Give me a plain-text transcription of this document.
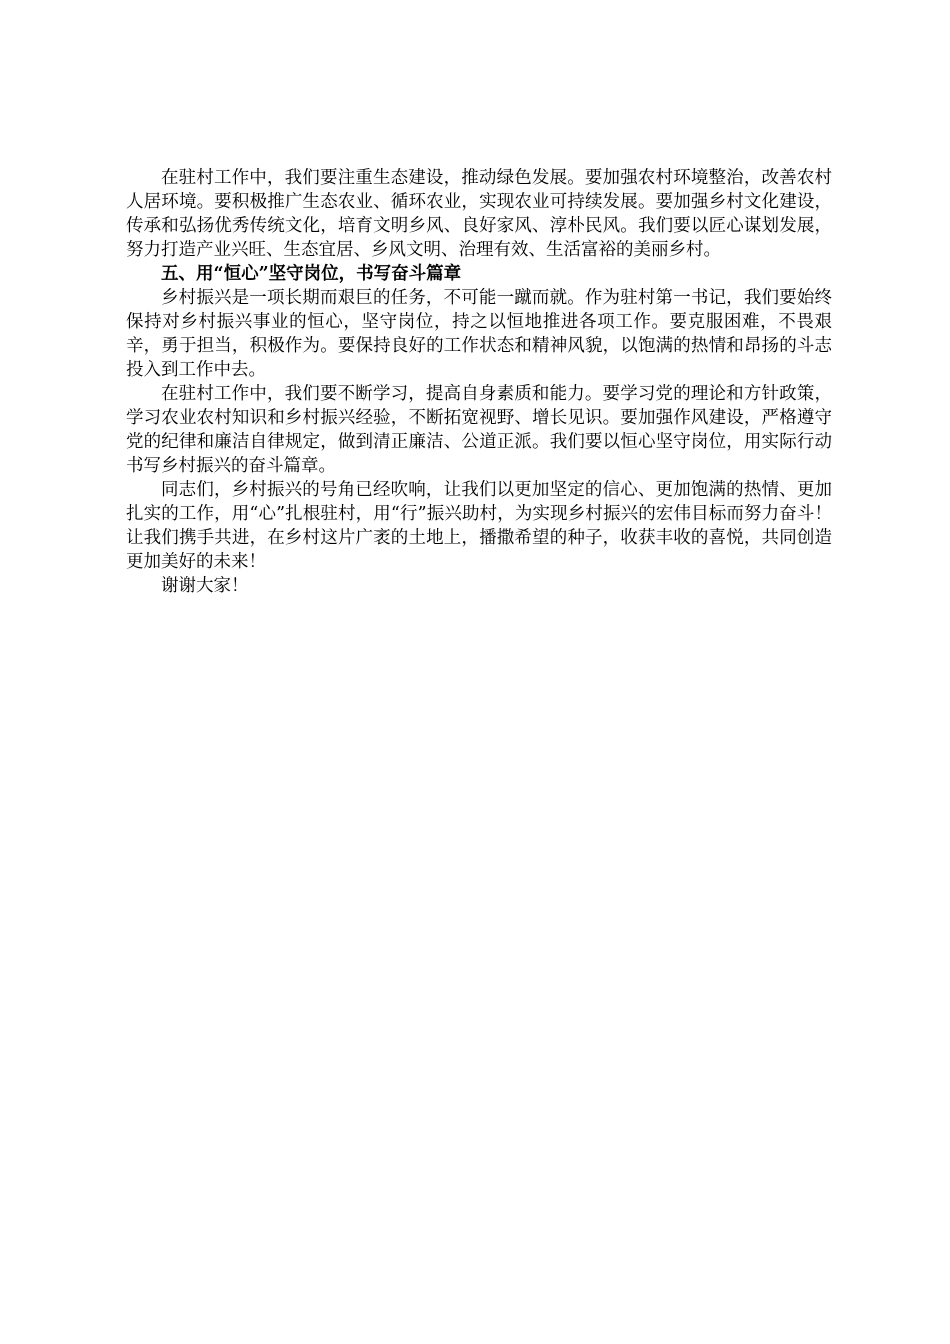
在驻村工作中，我们要注重生态建设，推动绿色发展。要加强农村环境整治，改善农村人居环境。要积极推广生态农业、循环农业，实现农业可持续发展。要加强乡村文化建设，传承和弘扬优秀传统文化，培育文明乡风、良好家风、淳朴民风。我们要以匠心谋划发展，努力打造产业兴旺、生态宜居、乡风文明、治理有效、生活富裕的美丽乡村。

五、用“恒心”坚守岗位，书写奋斗篇章

乡村振兴是一项长期而艰巨的任务，不可能一蹴而就。作为驻村第一书记，我们要始终保持对乡村振兴事业的恒心，坚守岗位，持之以恒地推进各项工作。要克服困难，不畏艰辛，勇于担当，积极作为。要保持良好的工作状态和精神风貌，以饱满的热情和昂扬的斗志投入到工作中去。

在驻村工作中，我们要不断学习，提高自身素质和能力。要学习党的理论和方针政策，学习农业农村知识和乡村振兴经验，不断拓宽视野、增长见识。要加强作风建设，严格遵守党的纪律和廉洁自律规定，做到清正廉洁、公道正派。我们要以恒心坚守岗位，用实际行动书写乡村振兴的奋斗篇章。

同志们，乡村振兴的号角已经吹响，让我们以更加坚定的信心、更加饱满的热情、更加扎实的工作，用“心”扎根驻村，用“行”振兴助村，为实现乡村振兴的宏伟目标而努力奋斗！让我们携手共进，在乡村这片广袤的土地上，播撒希望的种子，收获丰收的喜悦，共同创造更加美好的未来！

谢谢大家！
